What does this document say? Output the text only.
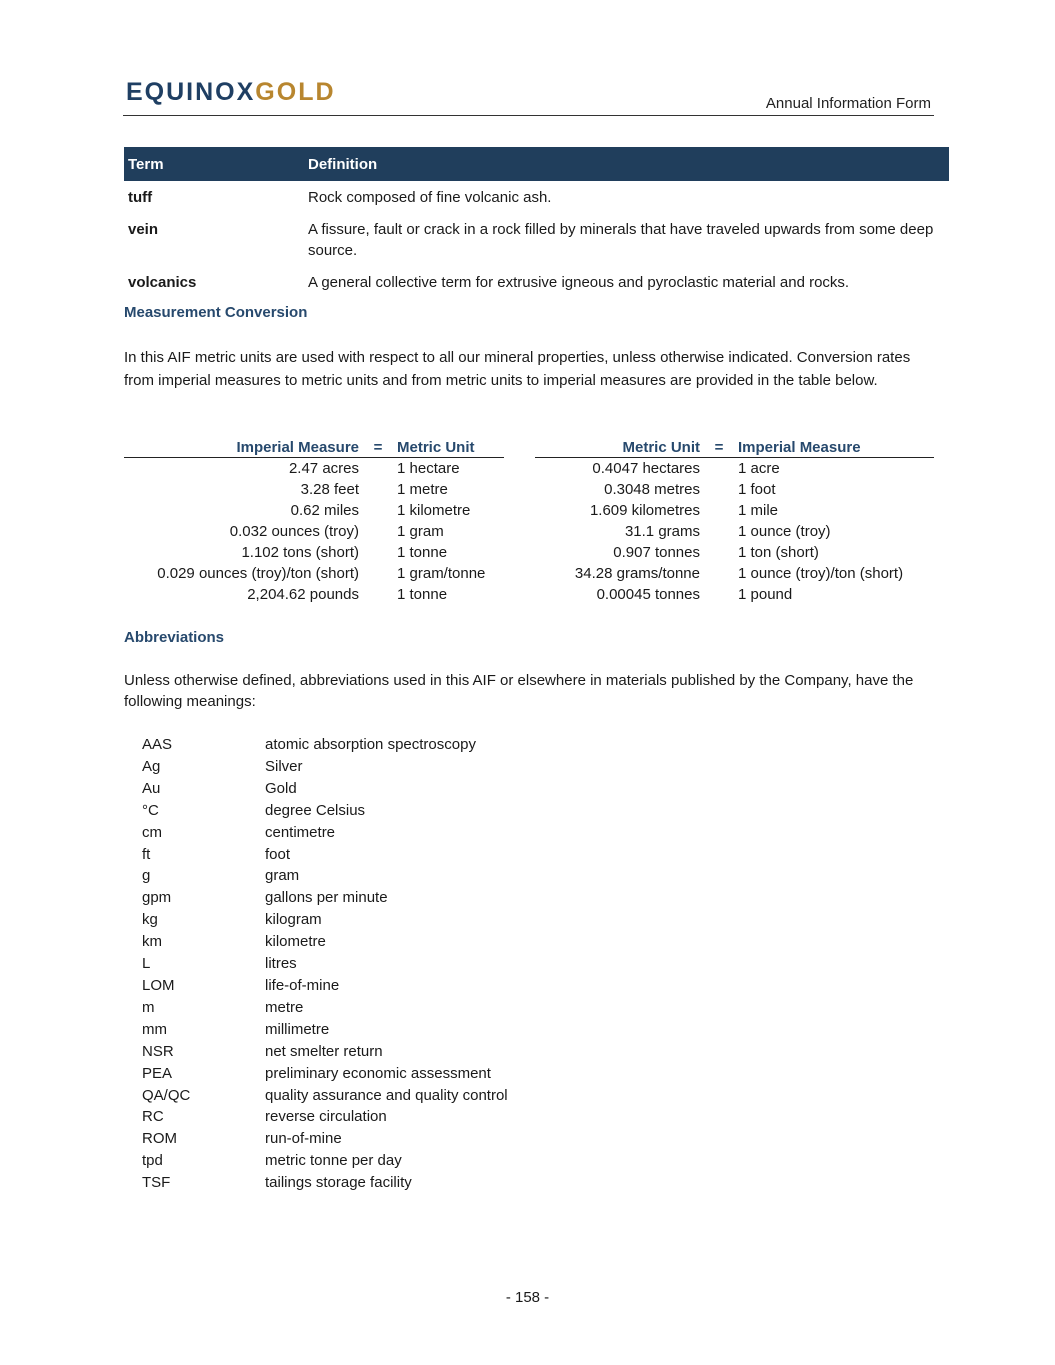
EQUINOXGOLD	Annual Information Form
Term	Definition
tuff	Rock composed of fine volcanic ash.
vein	A fissure, fault or crack in a rock filled by minerals that have traveled upwards from some deep source.
volcanics	A general collective term for extrusive igneous and pyroclastic material and rocks.
Measurement Conversion
In this AIF metric units are used with respect to all our mineral properties, unless otherwise indicated. Conversion rates from imperial measures to metric units and from metric units to imperial measures are provided in the table below.
Imperial Measure	=	Metric Unit
2.47 acres		1 hectare
3.28 feet		1 metre
0.62 miles		1 kilometre
0.032 ounces (troy)		1 gram
1.102 tons (short)		1 tonne
0.029 ounces (troy)/ton (short)		1 gram/tonne
2,204.62 pounds		1 tonne
Metric Unit	=	Imperial Measure
0.4047 hectares		1 acre
0.3048 metres		1 foot
1.609 kilometres		1 mile
31.1 grams		1 ounce (troy)
0.907 tonnes		1 ton (short)
34.28 grams/tonne		1 ounce (troy)/ton (short)
0.00045 tonnes		1 pound
Abbreviations
Unless otherwise defined, abbreviations used in this AIF or elsewhere in materials published by the Company, have the following meanings:
AAS	atomic absorption spectroscopy
Ag	Silver
Au	Gold
°C	degree Celsius
cm	centimetre
ft	foot
g	gram
gpm	gallons per minute
kg	kilogram
km	kilometre
L	litres
LOM	life-of-mine
m	metre
mm	millimetre
NSR	net smelter return
PEA	preliminary economic assessment
QA/QC	quality assurance and quality control
RC	reverse circulation
ROM	run-of-mine
tpd	metric tonne per day
TSF	tailings storage facility
- 158 -
